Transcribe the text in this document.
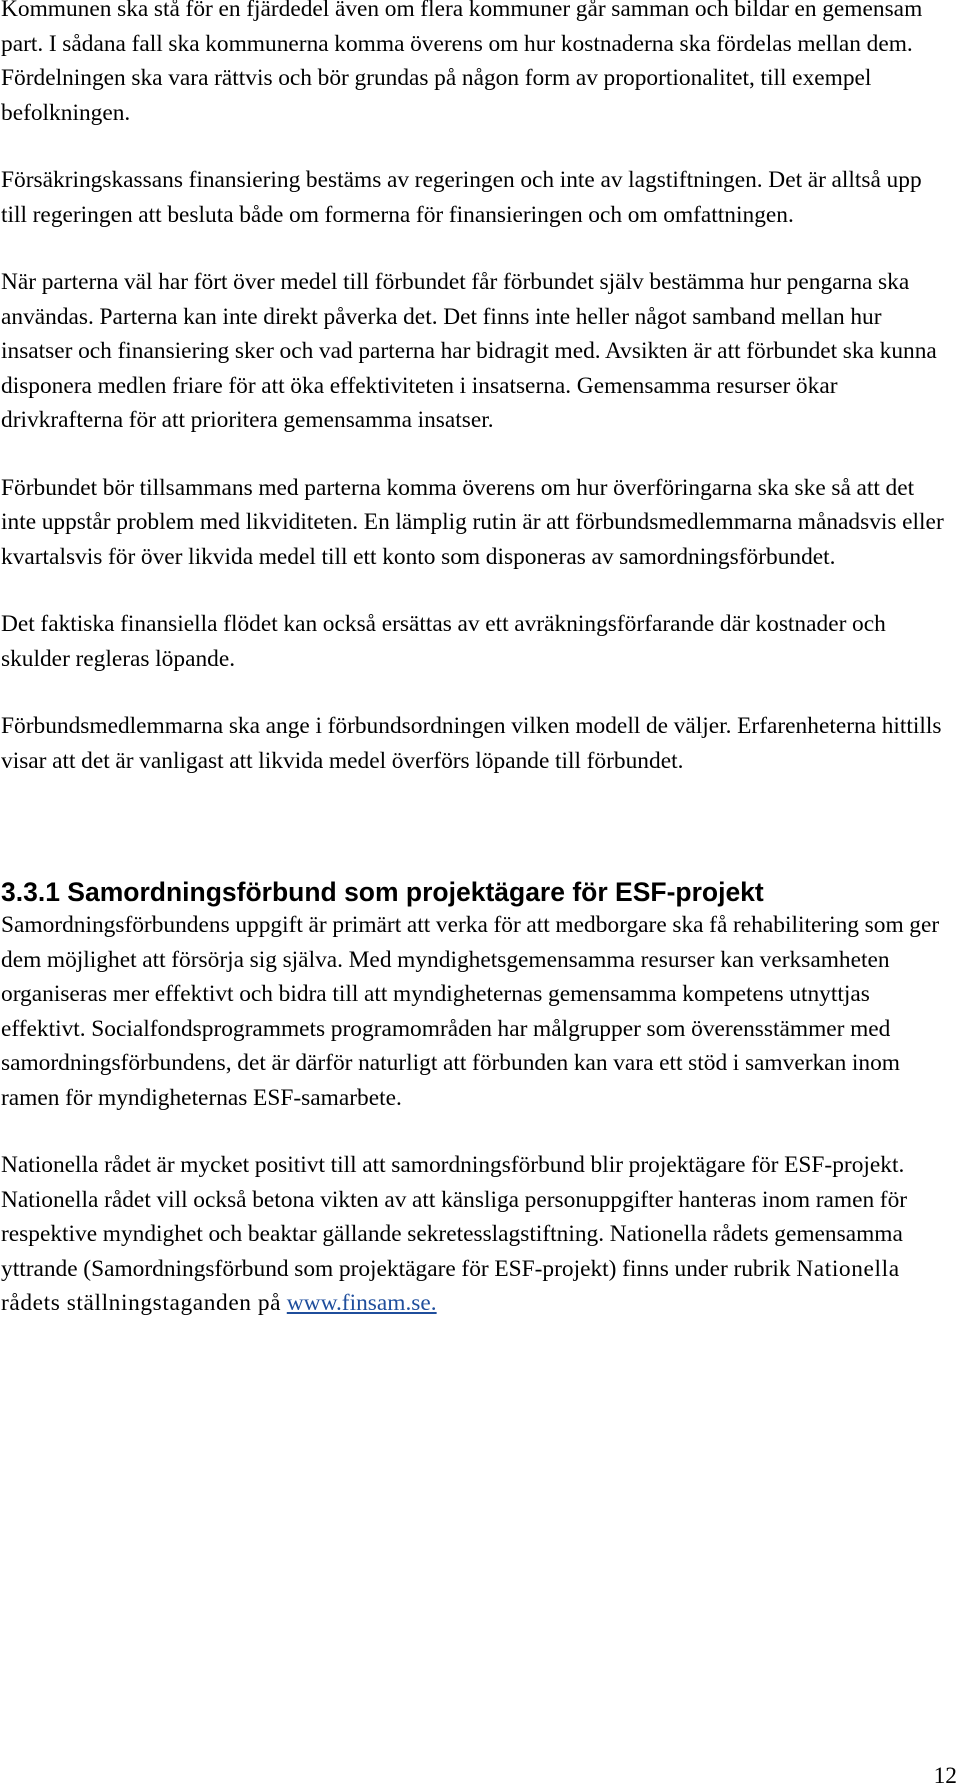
Kommunen ska stå för en fjärdedel även om flera kommuner går samman och bildar en gemensam part. I sådana fall ska kommunerna komma överens om hur kostnaderna ska fördelas mellan dem. Fördelningen ska vara rättvis och bör grundas på någon form av proportionalitet, till exempel befolkningen.

Försäkringskassans finansiering bestäms av regeringen och inte av lagstiftningen. Det är alltså upp till regeringen att besluta både om formerna för finansieringen och om omfattningen.

När parterna väl har fört över medel till förbundet får förbundet själv bestämma hur pengarna ska användas. Parterna kan inte direkt påverka det. Det finns inte heller något samband mellan hur insatser och finansiering sker och vad parterna har bidragit med. Avsikten är att förbundet ska kunna disponera medlen friare för att öka effektiviteten i insatserna. Gemensamma resurser ökar drivkrafterna för att prioritera gemensamma insatser.

Förbundet bör tillsammans med parterna komma överens om hur överföringarna ska ske så att det inte uppstår problem med likviditeten. En lämplig rutin är att förbundsmedlemmarna månadsvis eller kvartalsvis för över likvida medel till ett konto som disponeras av samordningsförbundet.

Det faktiska finansiella flödet kan också ersättas av ett avräkningsförfarande där kostnader och skulder regleras löpande.

Förbundsmedlemmarna ska ange i förbundsordningen vilken modell de väljer. Erfarenheterna hittills visar att det är vanligast att likvida medel överförs löpande till förbundet.

3.3.1 Samordningsförbund som projektägare för ESF-projekt

Samordningsförbundens uppgift är primärt att verka för att medborgare ska få rehabilitering som ger dem möjlighet att försörja sig själva. Med myndighetsgemensamma resurser kan verksamheten organiseras mer effektivt och bidra till att myndigheternas gemensamma kompetens utnyttjas effektivt. Socialfondsprogrammets programområden har målgrupper som överensstämmer med samordningsförbundens, det är därför naturligt att förbunden kan vara ett stöd i samverkan inom ramen för myndigheternas ESF-samarbete.

Nationella rådet är mycket positivt till att samordningsförbund blir projektägare för ESF-projekt. Nationella rådet vill också betona vikten av att känsliga personuppgifter hanteras inom ramen för respektive myndighet och beaktar gällande sekretesslagstiftning. Nationella rådets gemensamma yttrande (Samordningsförbund som projektägare för ESF-projekt) finns under rubrik Nationella rådets ställningstaganden på www.finsam.se.

12
